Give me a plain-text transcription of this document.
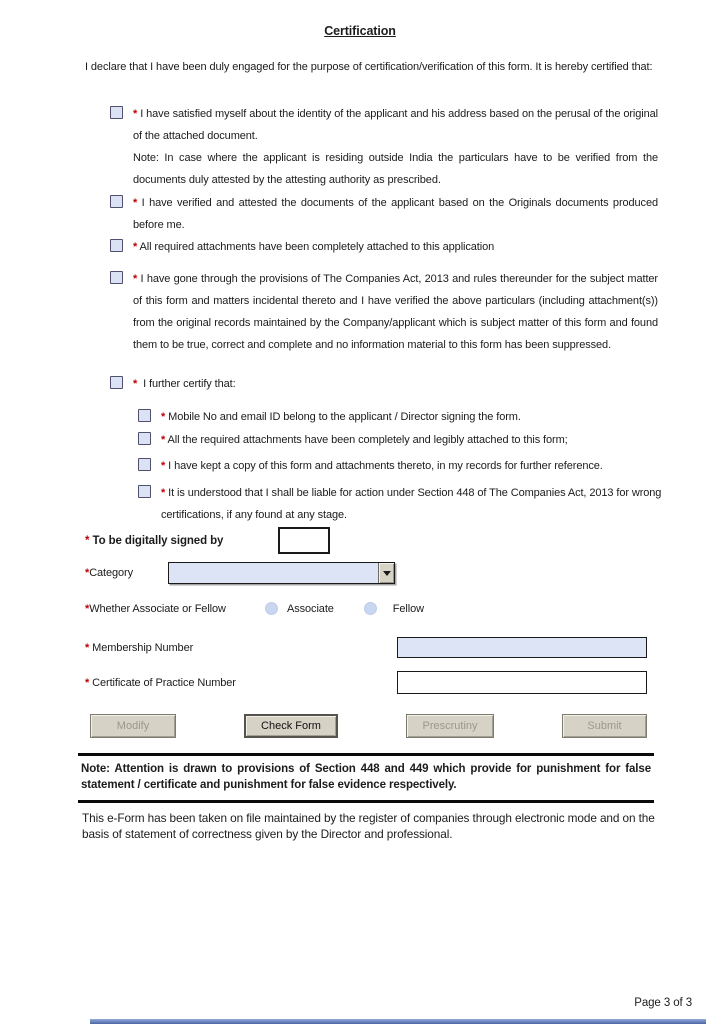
Certification
I declare that I have been duly engaged for the purpose of certification/verification of this form. It is hereby certified that:
* I have satisfied myself about the identity of the applicant and his address based on the perusal of the original of the attached document.
Note: In case where the applicant is residing outside India the particulars have to be verified from the documents duly attested by the attesting authority as prescribed.
* I have verified and attested the documents of the applicant based on the Originals documents produced before me.
* All required attachments have been completely attached to this application
* I have gone through the provisions of The Companies Act, 2013 and rules thereunder for the subject matter of this form and matters incidental thereto and I have verified the above particulars (including attachment(s)) from the original records maintained by the Company/applicant which is subject matter of this form and found them to be true, correct and complete and no information material to this form has been suppressed.
* I further certify that:
* Mobile No and email ID belong to the applicant / Director signing the form.
* All the required attachments have been completely and legibly attached to this form;
* I have kept a copy of this form and attachments thereto, in my records for further reference.
* It is understood that I shall be liable for action under Section 448 of The Companies Act, 2013 for wrong certifications, if any found at any stage.
* To be digitally signed by
*Category
*Whether Associate or Fellow	Associate	Fellow
* Membership Number
* Certificate of Practice Number
Modify	Check Form	Prescrutiny	Submit
Note: Attention is drawn to provisions of Section 448 and 449 which provide for punishment for false statement / certificate and punishment for false evidence respectively.
This e-Form has been taken on file maintained by the register of companies through electronic mode and on the basis of statement of correctness given by the Director and professional.
Page 3 of 3
